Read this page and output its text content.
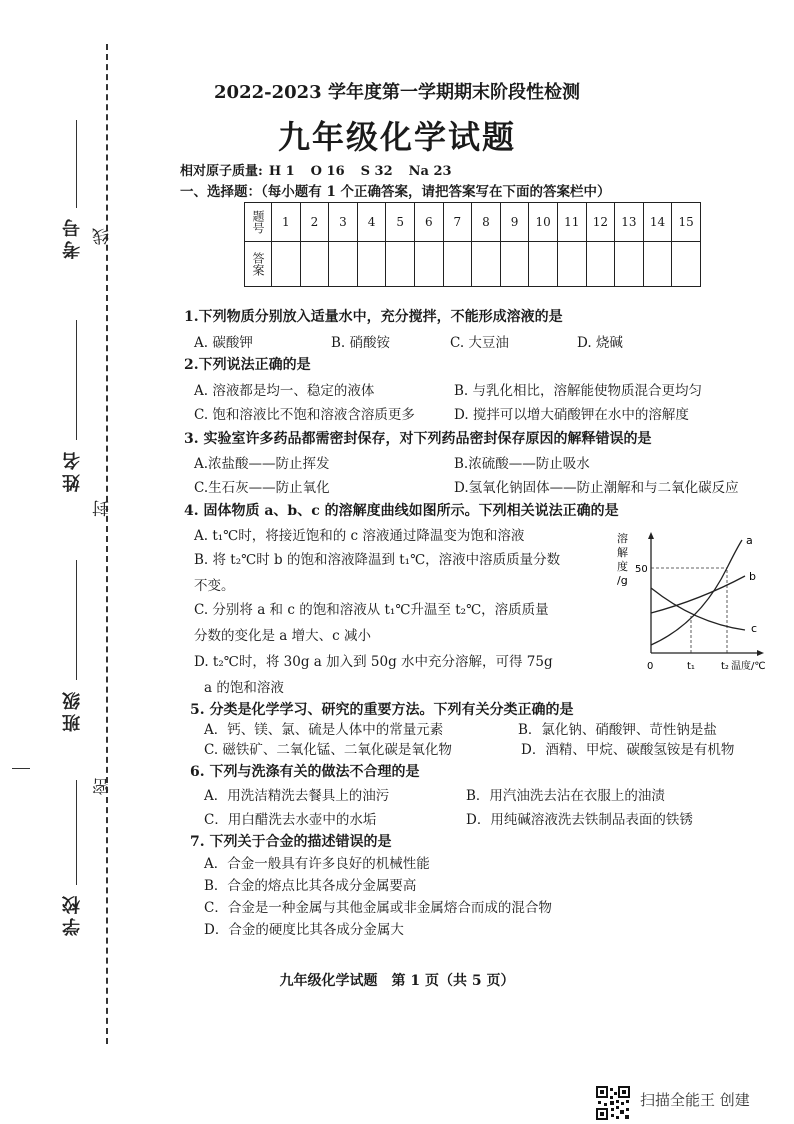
考号 线
姓名
封
班级
密
学校
2022-2023 学年度第一学期期末阶段性检测
九年级化学试题
相对原子质量: H 1 O 16 S 32 Na 23
一、选择题：（每小题有 1 个正确答案，请把答案写在下面的答案栏中）
题号	1	2	3	4	5	6	7	8	9	10	11	12	13	14	15
答案															
1.下列物质分别放入适量水中，充分搅拌，不能形成溶液的是
A. 碳酸钾	B. 硝酸铵	C. 大豆油	D. 烧碱
2.下列说法正确的是
A. 溶液都是均一、稳定的液体	B. 与乳化相比，溶解能使物质混合更均匀
C. 饱和溶液比不饱和溶液含溶质更多	D. 搅拌可以增大硝酸钾在水中的溶解度
3. 实验室许多药品都需密封保存，对下列药品密封保存原因的解释错误的是
A.浓盐酸——防止挥发	B.浓硫酸——防止吸水
C.生石灰——防止氧化	D.氢氧化钠固体——防止潮解和与二氧化碳反应
4. 固体物质 a、b、c 的溶解度曲线如图所示。下列相关说法正确的是
A. t₁℃时，将接近饱和的 c 溶液通过降温变为饱和溶液
B. 将 t₂℃时 b 的饱和溶液降温到 t₁℃，溶液中溶质质量分数
不变。
C. 分别将 a 和 c 的饱和溶液从 t₁℃升温至 t₂℃，溶质质量
分数的变化是 a 增大、c 减小
D. t₂℃时，将 30g a 加入到 50g 水中充分溶解，可得 75g
a 的饱和溶液
溶
解
度
/g
50
a
b
c
0	t₁	t₂ 温度/℃
5. 分类是化学学习、研究的重要方法。下列有关分类正确的是
A．钙、镁、氯、硫是人体中的常量元素	B．氯化钠、硝酸钾、苛性钠是盐
C. 磁铁矿、二氧化锰、二氧化碳是氧化物	D．酒精、甲烷、碳酸氢铵是有机物
6. 下列与洗涤有关的做法不合理的是
A．用洗洁精洗去餐具上的油污	B．用汽油洗去沾在衣服上的油渍
C．用白醋洗去水壶中的水垢	D．用纯碱溶液洗去铁制品表面的铁锈
7. 下列关于合金的描述错误的是
A．合金一般具有许多良好的机械性能
B．合金的熔点比其各成分金属要高
C．合金是一种金属与其他金属或非金属熔合而成的混合物
D．合金的硬度比其各成分金属大
九年级化学试题　第 1 页（共 5 页）
扫描全能王 创建
